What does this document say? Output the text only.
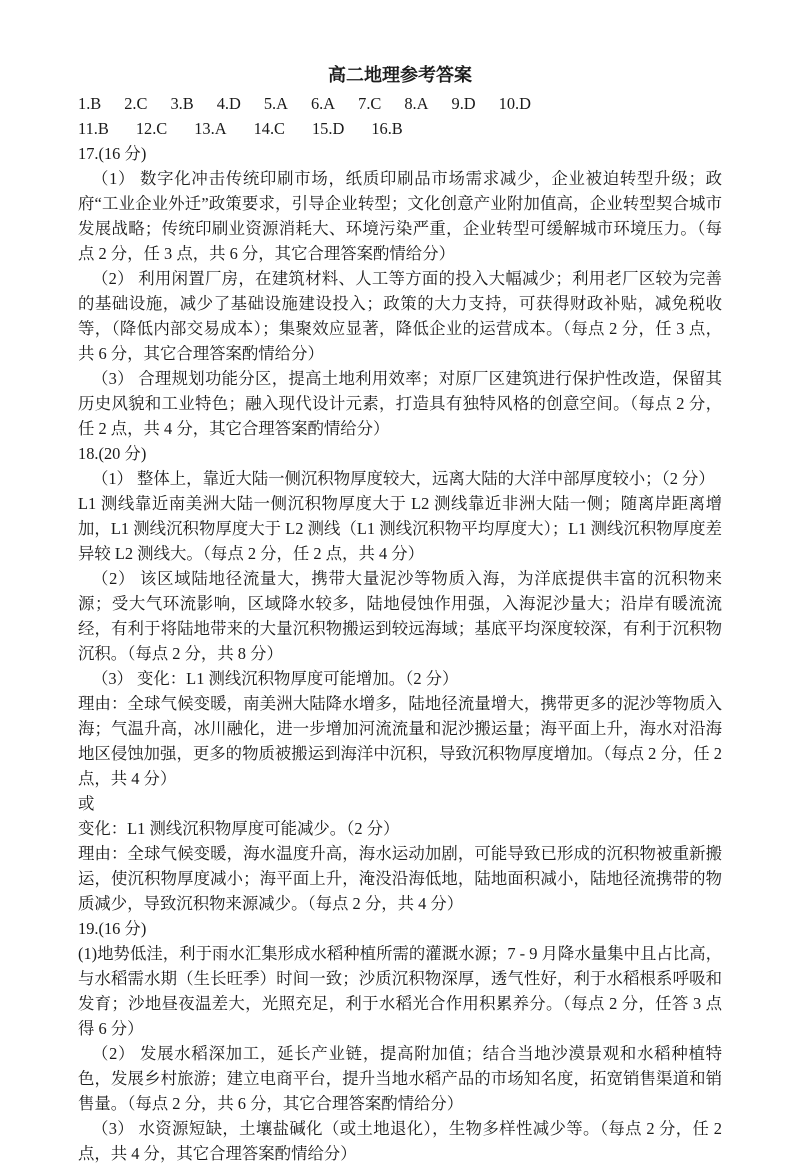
高二地理参考答案
1.B 2.C 3.B 4.D 5.A 6.A 7.C 8.A 9.D 10.D
11.B 12.C 13.A 14.C 15.D 16.B

17.(16 分)

（1） 数字化冲击传统印刷市场，纸质印刷品市场需求减少，企业被迫转型升级；政府“工业企业外迁”政策要求，引导企业转型；文化创意产业附加值高，企业转型契合城市发展战略；传统印刷业资源消耗大、环境污染严重，企业转型可缓解城市环境压力。（每点 2 分，任 3 点，共 6 分，其它合理答案酌情给分）

（2） 利用闲置厂房，在建筑材料、人工等方面的投入大幅减少；利用老厂区较为完善的基础设施，减少了基础设施建设投入；政策的大力支持，可获得财政补贴，减免税收等，（降低内部交易成本）；集聚效应显著，降低企业的运营成本。（每点 2 分，任 3 点，共 6 分，其它合理答案酌情给分）

（3） 合理规划功能分区，提高土地利用效率；对原厂区建筑进行保护性改造，保留其历史风貌和工业特色；融入现代设计元素，打造具有独特风格的创意空间。（每点 2 分，任 2 点，共 4 分，其它合理答案酌情给分）

18.(20 分)

（1） 整体上，靠近大陆一侧沉积物厚度较大，远离大陆的大洋中部厚度较小；（2 分）

L1 测线靠近南美洲大陆一侧沉积物厚度大于 L2 测线靠近非洲大陆一侧；随离岸距离增加，L1 测线沉积物厚度大于 L2 测线（L1 测线沉积物平均厚度大）；L1 测线沉积物厚度差异较 L2 测线大。（每点 2 分，任 2 点，共 4 分）

（2） 该区域陆地径流量大，携带大量泥沙等物质入海，为洋底提供丰富的沉积物来源；受大气环流影响，区域降水较多，陆地侵蚀作用强，入海泥沙量大；沿岸有暖流流经，有利于将陆地带来的大量沉积物搬运到较远海域；基底平均深度较深，有利于沉积物沉积。（每点 2 分，共 8 分）

（3） 变化：L1 测线沉积物厚度可能增加。（2 分）

理由：全球气候变暖，南美洲大陆降水增多，陆地径流量增大，携带更多的泥沙等物质入海；气温升高，冰川融化，进一步增加河流流量和泥沙搬运量；海平面上升，海水对沿海地区侵蚀加强，更多的物质被搬运到海洋中沉积，导致沉积物厚度增加。（每点 2 分，任 2 点，共 4 分）

或

变化：L1 测线沉积物厚度可能减少。（2 分）

理由：全球气候变暖，海水温度升高，海水运动加剧，可能导致已形成的沉积物被重新搬运，使沉积物厚度减小；海平面上升，淹没沿海低地，陆地面积减小，陆地径流携带的物质减少，导致沉积物来源减少。（每点 2 分，共 4 分）

19.(16 分)

(1)地势低洼，利于雨水汇集形成水稻种植所需的灌溉水源；7 - 9 月降水量集中且占比高，与水稻需水期（生长旺季）时间一致；沙质沉积物深厚，透气性好，利于水稻根系呼吸和发育；沙地昼夜温差大，光照充足，利于水稻光合作用积累养分。（每点 2 分，任答 3 点得 6 分）

（2） 发展水稻深加工，延长产业链，提高附加值；结合当地沙漠景观和水稻种植特色，发展乡村旅游；建立电商平台，提升当地水稻产品的市场知名度，拓宽销售渠道和销售量。（每点 2 分，共 6 分，其它合理答案酌情给分）

（3） 水资源短缺，土壤盐碱化（或土地退化），生物多样性减少等。（每点 2 分，任 2 点，共 4 分，其它合理答案酌情给分）
